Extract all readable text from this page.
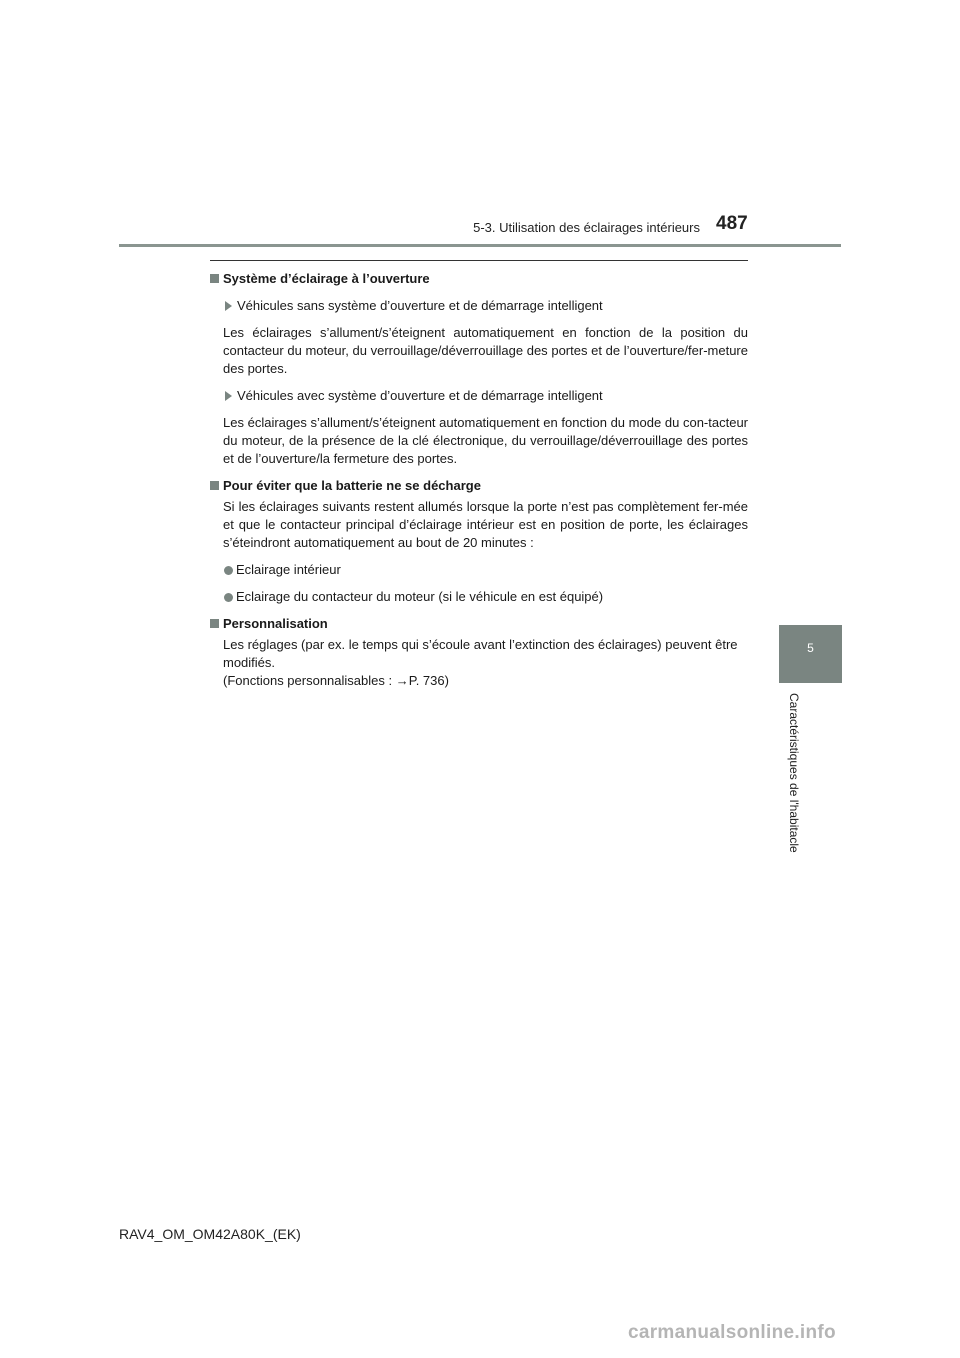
5-3. Utilisation des éclairages intérieurs 487

Système d’éclairage à l’ouverture

Véhicules sans système d’ouverture et de démarrage intelligent

Les éclairages s’allument/s’éteignent automatiquement en fonction de la position du contacteur du moteur, du verrouillage/déverrouillage des portes et de l’ouverture/fer-meture des portes.

Véhicules avec système d’ouverture et de démarrage intelligent

Les éclairages s’allument/s’éteignent automatiquement en fonction du mode du con-tacteur du moteur, de la présence de la clé électronique, du verrouillage/déverrouillage des portes et de l’ouverture/la fermeture des portes.

Pour éviter que la batterie ne se décharge

Si les éclairages suivants restent allumés lorsque la porte n’est pas complètement fer-mée et que le contacteur principal d’éclairage intérieur est en position de porte, les éclairages s’éteindront automatiquement au bout de 20 minutes :

Eclairage intérieur

Eclairage du contacteur du moteur (si le véhicule en est équipé)

Personnalisation

Les réglages (par ex. le temps qui s’écoule avant l’extinction des éclairages) peuvent être modifiés.
(Fonctions personnalisables : →P. 736)

5
Caractéristiques de l'habitacle
RAV4_OM_OM42A80K_(EK)
carmanualsonline.info
